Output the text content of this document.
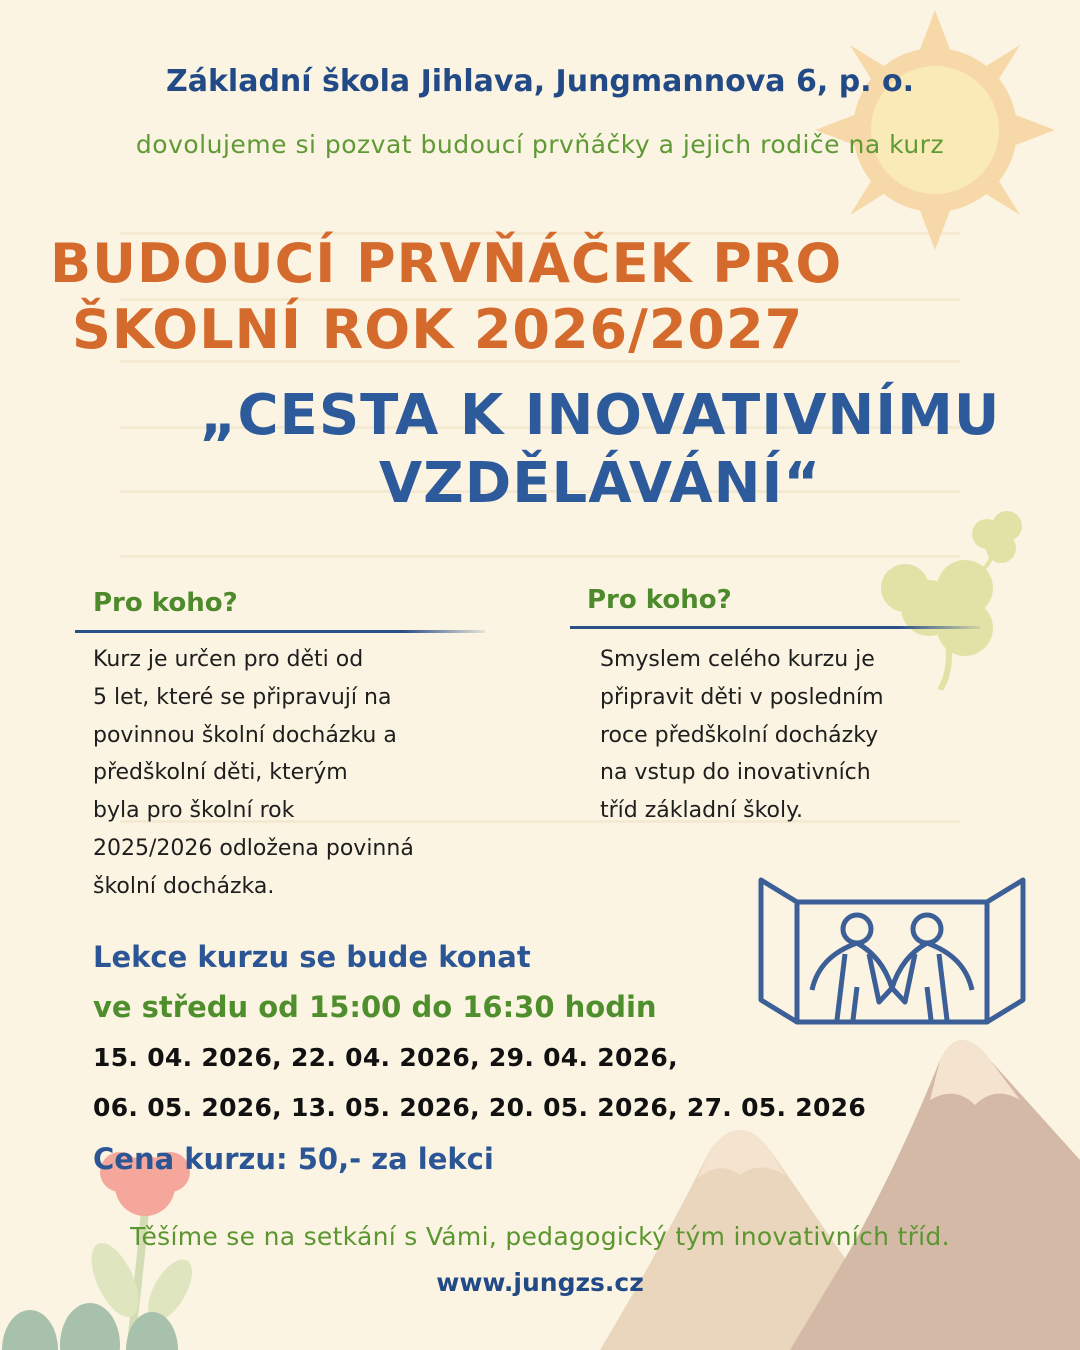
Základní škola Jihlava, Jungmannova 6, p. o.

dovolujeme si pozvat budoucí prvňáčky a jejich rodiče na kurz

BUDOUCÍ PRVŇÁČEK PRO
ŠKOLNÍ ROK 2026/2027
„CESTA K INOVATIVNÍMU
VZDĚLÁVÁNÍ“
Pro koho?
Kurz je určen pro děti od
5 let, které se připravují na
povinnou školní docházku a
předškolní děti, kterým
byla pro školní rok
2025/2026 odložena povinná
školní docházka.
Pro koho?
Smyslem celého kurzu je
připravit děti v posledním
roce předškolní docházky
na vstup do inovativních
tříd základní školy.
Lekce kurzu se bude konat
ve středu od 15:00 do 16:30 hodin
15. 04. 2026, 22. 04. 2026, 29. 04. 2026,
06. 05. 2026, 13. 05. 2026, 20. 05. 2026, 27. 05. 2026
Cena kurzu: 50,- za lekci

Těšíme se na setkání s Vámi, pedagogický tým inovativních tříd.

www.jungzs.cz
